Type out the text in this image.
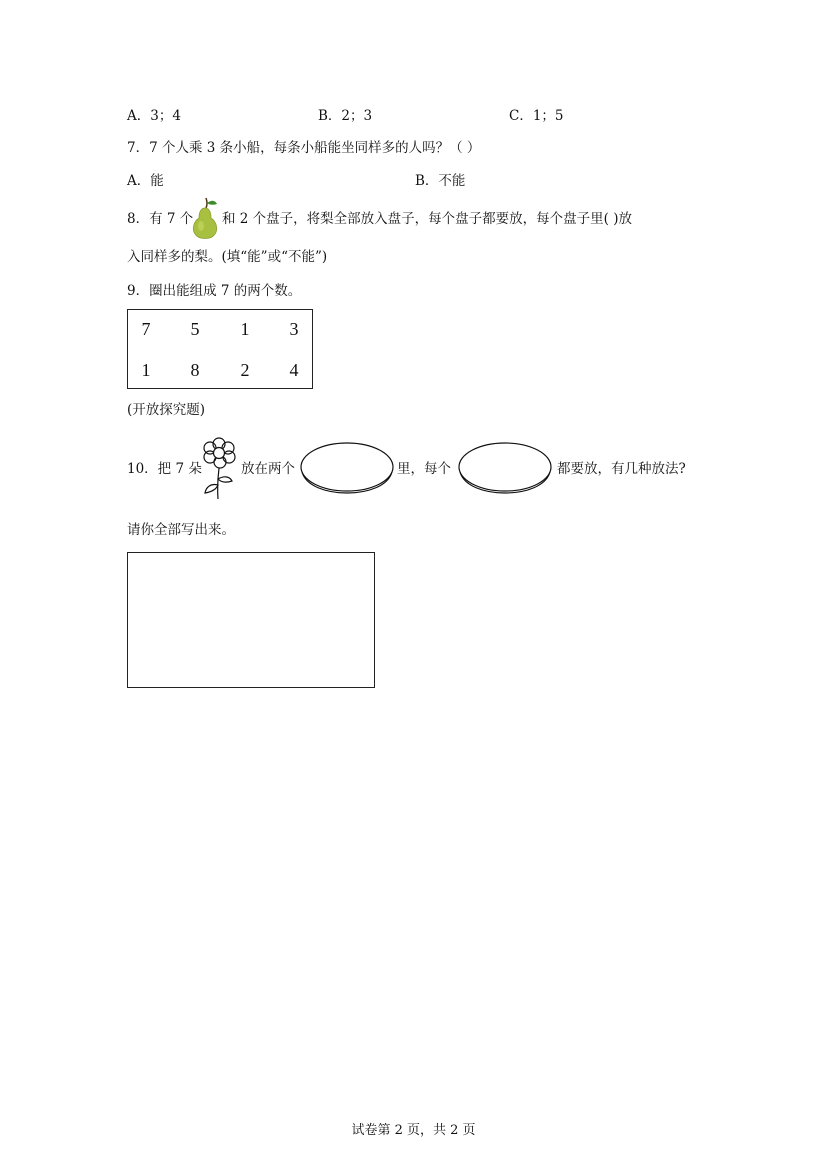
A．3；4	B．2；3	C．1；5
7．7 个人乘 3 条小船，每条小船能坐同样多的人吗？（ ）
A．能	B．不能
8．有 7 个 和 2 个盘子，将梨全部放入盘子，每个盘子都要放，每个盘子里( )放
入同样多的梨。(填“能”或“不能”)
9．圈出能组成 7 的两个数。
7	5	1	3
1	8	2	4
(开放探究题)
10．把 7 朵	放在两个	里，每个	都要放，有几种放法?
请你全部写出来。
试卷第 2 页，共 2 页
